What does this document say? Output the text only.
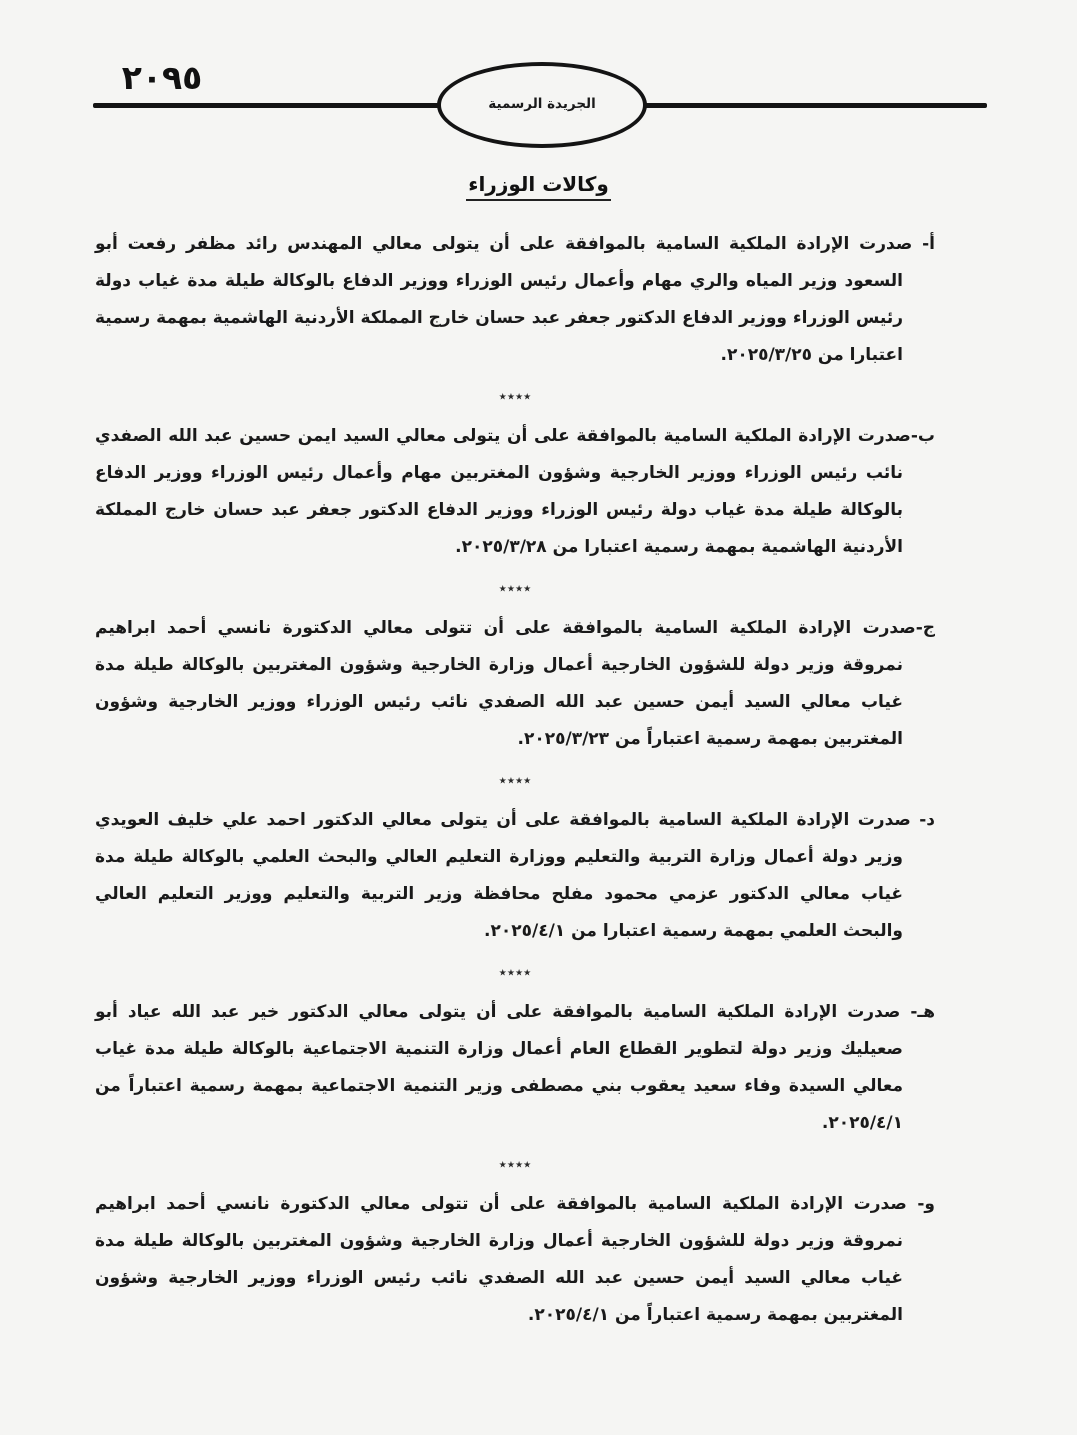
٢٠٩٥
الجريدة الرسمية
وكالات الوزراء

أ- صدرت الإرادة الملكية السامية بالموافقة على أن يتولى معالي المهندس رائد مظفر رفعت أبو السعود وزير المياه والري مهام وأعمال رئيس الوزراء ووزير الدفاع بالوكالة طيلة مدة غياب دولة رئيس الوزراء ووزير الدفاع الدكتور جعفر عبد حسان خارج المملكة الأردنية الهاشمية بمهمة رسمية اعتبارا من ٢٠٢٥/٣/٢٥.

٭٭٭٭

ب-صدرت الإرادة الملكية السامية بالموافقة على أن يتولى معالي السيد ايمن حسين عبد الله الصفدي نائب رئيس الوزراء ووزير الخارجية وشؤون المغتربين مهام وأعمال رئيس الوزراء ووزير الدفاع بالوكالة طيلة مدة غياب دولة رئيس الوزراء ووزير الدفاع الدكتور جعفر عبد حسان خارج المملكة الأردنية الهاشمية بمهمة رسمية اعتبارا من ٢٠٢٥/٣/٢٨.

٭٭٭٭

ج-صدرت الإرادة الملكية السامية بالموافقة على أن تتولى معالي الدكتورة نانسي أحمد ابراهيم نمروقة وزير دولة للشؤون الخارجية أعمال وزارة الخارجية وشؤون المغتربين بالوكالة طيلة مدة غياب معالي السيد أيمن حسين عبد الله الصفدي نائب رئيس الوزراء ووزير الخارجية وشؤون المغتربين بمهمة رسمية اعتباراً من ٢٠٢٥/٣/٢٣.

٭٭٭٭

د- صدرت الإرادة الملكية السامية بالموافقة على أن يتولى معالي الدكتور احمد علي خليف العويدي وزير دولة أعمال وزارة التربية والتعليم ووزارة التعليم العالي والبحث العلمي بالوكالة طيلة مدة غياب معالي الدكتور عزمي محمود مفلح محافظة وزير التربية والتعليم ووزير التعليم العالي والبحث العلمي بمهمة رسمية اعتبارا من ٢٠٢٥/٤/١.

٭٭٭٭

هـ- صدرت الإرادة الملكية السامية بالموافقة على أن يتولى معالي الدكتور خير عبد الله عياد أبو صعيليك وزير دولة لتطوير القطاع العام أعمال وزارة التنمية الاجتماعية بالوكالة طيلة مدة غياب معالي السيدة وفاء سعيد يعقوب بني مصطفى وزير التنمية الاجتماعية بمهمة رسمية اعتباراً من ٢٠٢٥/٤/١.

٭٭٭٭

و- صدرت الإرادة الملكية السامية بالموافقة على أن تتولى معالي الدكتورة نانسي أحمد ابراهيم نمروقة وزير دولة للشؤون الخارجية أعمال وزارة الخارجية وشؤون المغتربين بالوكالة طيلة مدة غياب معالي السيد أيمن حسين عبد الله الصفدي نائب رئيس الوزراء ووزير الخارجية وشؤون المغتربين بمهمة رسمية اعتباراً من ٢٠٢٥/٤/١.
